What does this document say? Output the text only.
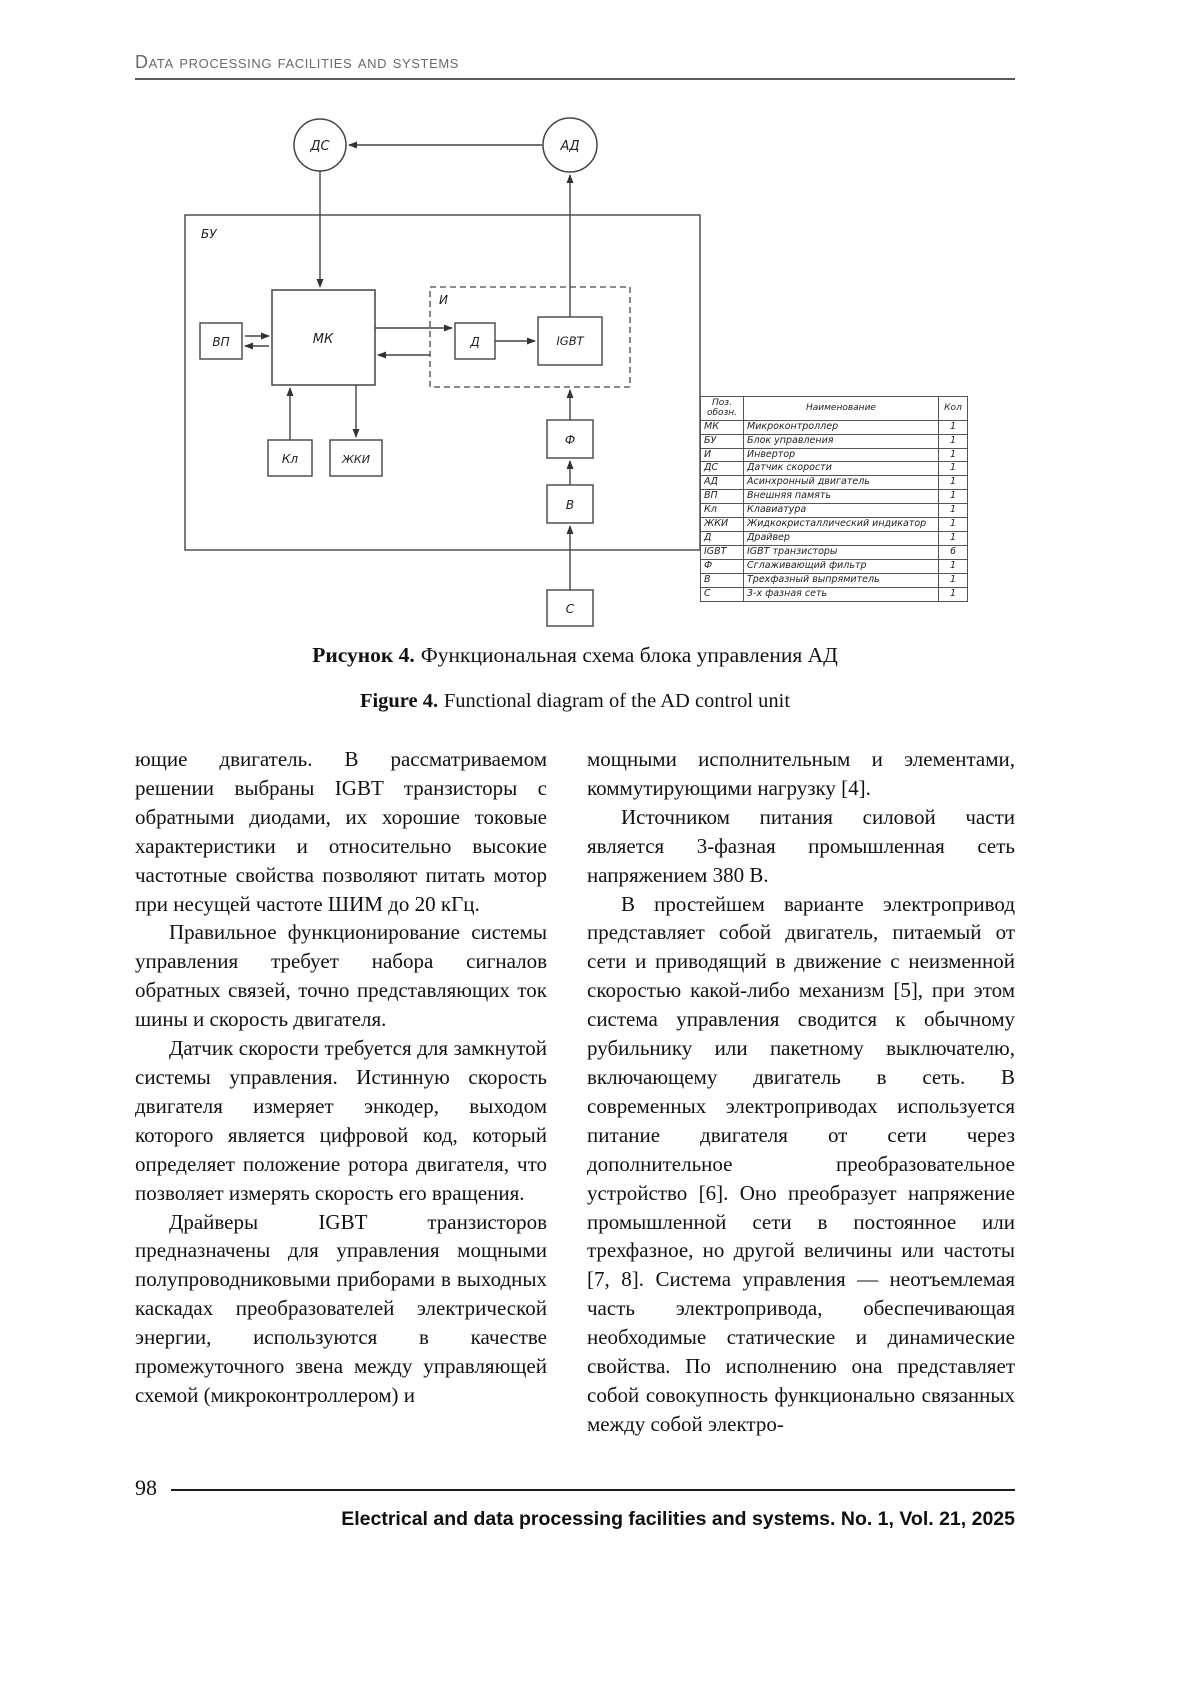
Data processing facilities and systems
БУ
И
ДС	АД
ВП	МК	Д	IGBT
Кл	ЖКИ
Ф
В
С
Поз. обозн.	Наименование	Кол
МК	Микроконтроллер	1
БУ	Блок управления	1
И	Инвертор	1
ДС	Датчик скорости	1
АД	Асинхронный двигатель	1
ВП	Внешняя память	1
Кл	Клавиатура	1
ЖКИ	Жидкокристаллический индикатор	1
Д	Драйвер	1
IGBT	IGBT транзисторы	6
Ф	Сглаживающий фильтр	1
В	Трехфазный выпрямитель	1
С	3-х фазная сеть	1
Рисунок 4. Функциональная схема блока управления АД
Figure 4. Functional diagram of the AD control unit

ющие двигатель. В рассматриваемом решении выбраны IGBT транзисторы с обратными диодами, их хорошие токовые характеристики и относительно высокие частотные свойства позволяют питать мотор при несущей частоте ШИМ до 20 кГц.

Правильное функционирование системы управления требует набора сигналов обратных связей, точно представляющих ток шины и скорость двигателя.

Датчик скорости требуется для замкнутой системы управления. Истинную скорость двигателя измеряет энкодер, выходом которого является цифровой код, который определяет положение ротора двигателя, что позволяет измерять скорость его вращения.

Драйверы IGBT транзисторов предназначены для управления мощными полупроводниковыми приборами в выходных каскадах преобразователей электрической энергии, используются в качестве промежуточного звена между управляющей схемой (микроконтроллером) и

мощными исполнительным и элементами, коммутирующими нагрузку [4].

Источником питания силовой части является 3-фазная промышленная сеть напряжением 380 В.

В простейшем варианте электропривод представляет собой двигатель, питаемый от сети и приводящий в движение с неизменной скоростью какой-либо механизм [5], при этом система управления сводится к обычному рубильнику или пакетному выключателю, включающему двигатель в сеть. В современных электроприводах используется питание двигателя от сети через дополнительное преобразовательное устройство [6]. Оно преобразует напряжение промышленной сети в постоянное или трехфазное, но другой величины или частоты [7, 8]. Система управления — неотъемлемая часть электропривода, обеспечивающая необходимые статические и динамические свойства. По исполнению она представляет собой совокупность функционально связанных между собой электро-

98
Electrical and data processing facilities and systems. No. 1, Vol. 21, 2025
